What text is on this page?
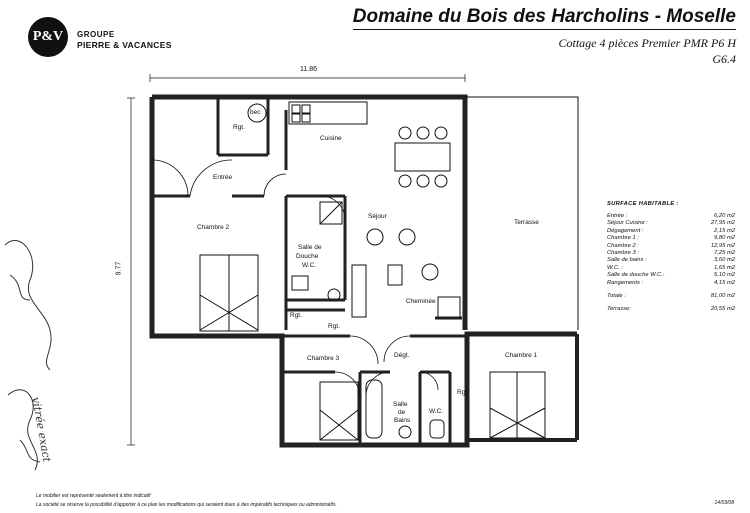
P&V	GROUPE
PIERRE & VACANCES
Domaine du Bois des Harcholins - Moselle
Cottage 4 pièces Premier PMR P6 H
G6.4
11.86
9.77
Rgt.
bec
Cuisine
Entrée
Chambre 2
Séjour
Terrasse
Salle de
Douche
W.C.
Rgt.
Rgt.
Cheminée
Chambre 3	Dégt.	Chambre 1
Rgt.
Salle
de
Bains
W.C.
vitrée exact
SURFACE HABITABLE :
Entrée :	6,20 m2
Séjour Cuisine :	27,95 m2
Dégagement :	2,15 m2
Chambre 1 :	9,80 m2
Chambre 2 :	12,95 m2
Chambre 3 :	7,25 m2
Salle de bains :	3,60 m2
W.C. :	1,65 m2
Salle de douche W.C.:	5,10 m2
Rangements :	4,15 m2
Totale :	81,00 m2
Terrasse:	20,55 m2
Le mobilier est représenté seulement à titre indicatif
La société se réserve la possibilité d'apporter à ce plan les modifications qui seraient dues à des impératifs techniques ou administratifs.	14/03/08
